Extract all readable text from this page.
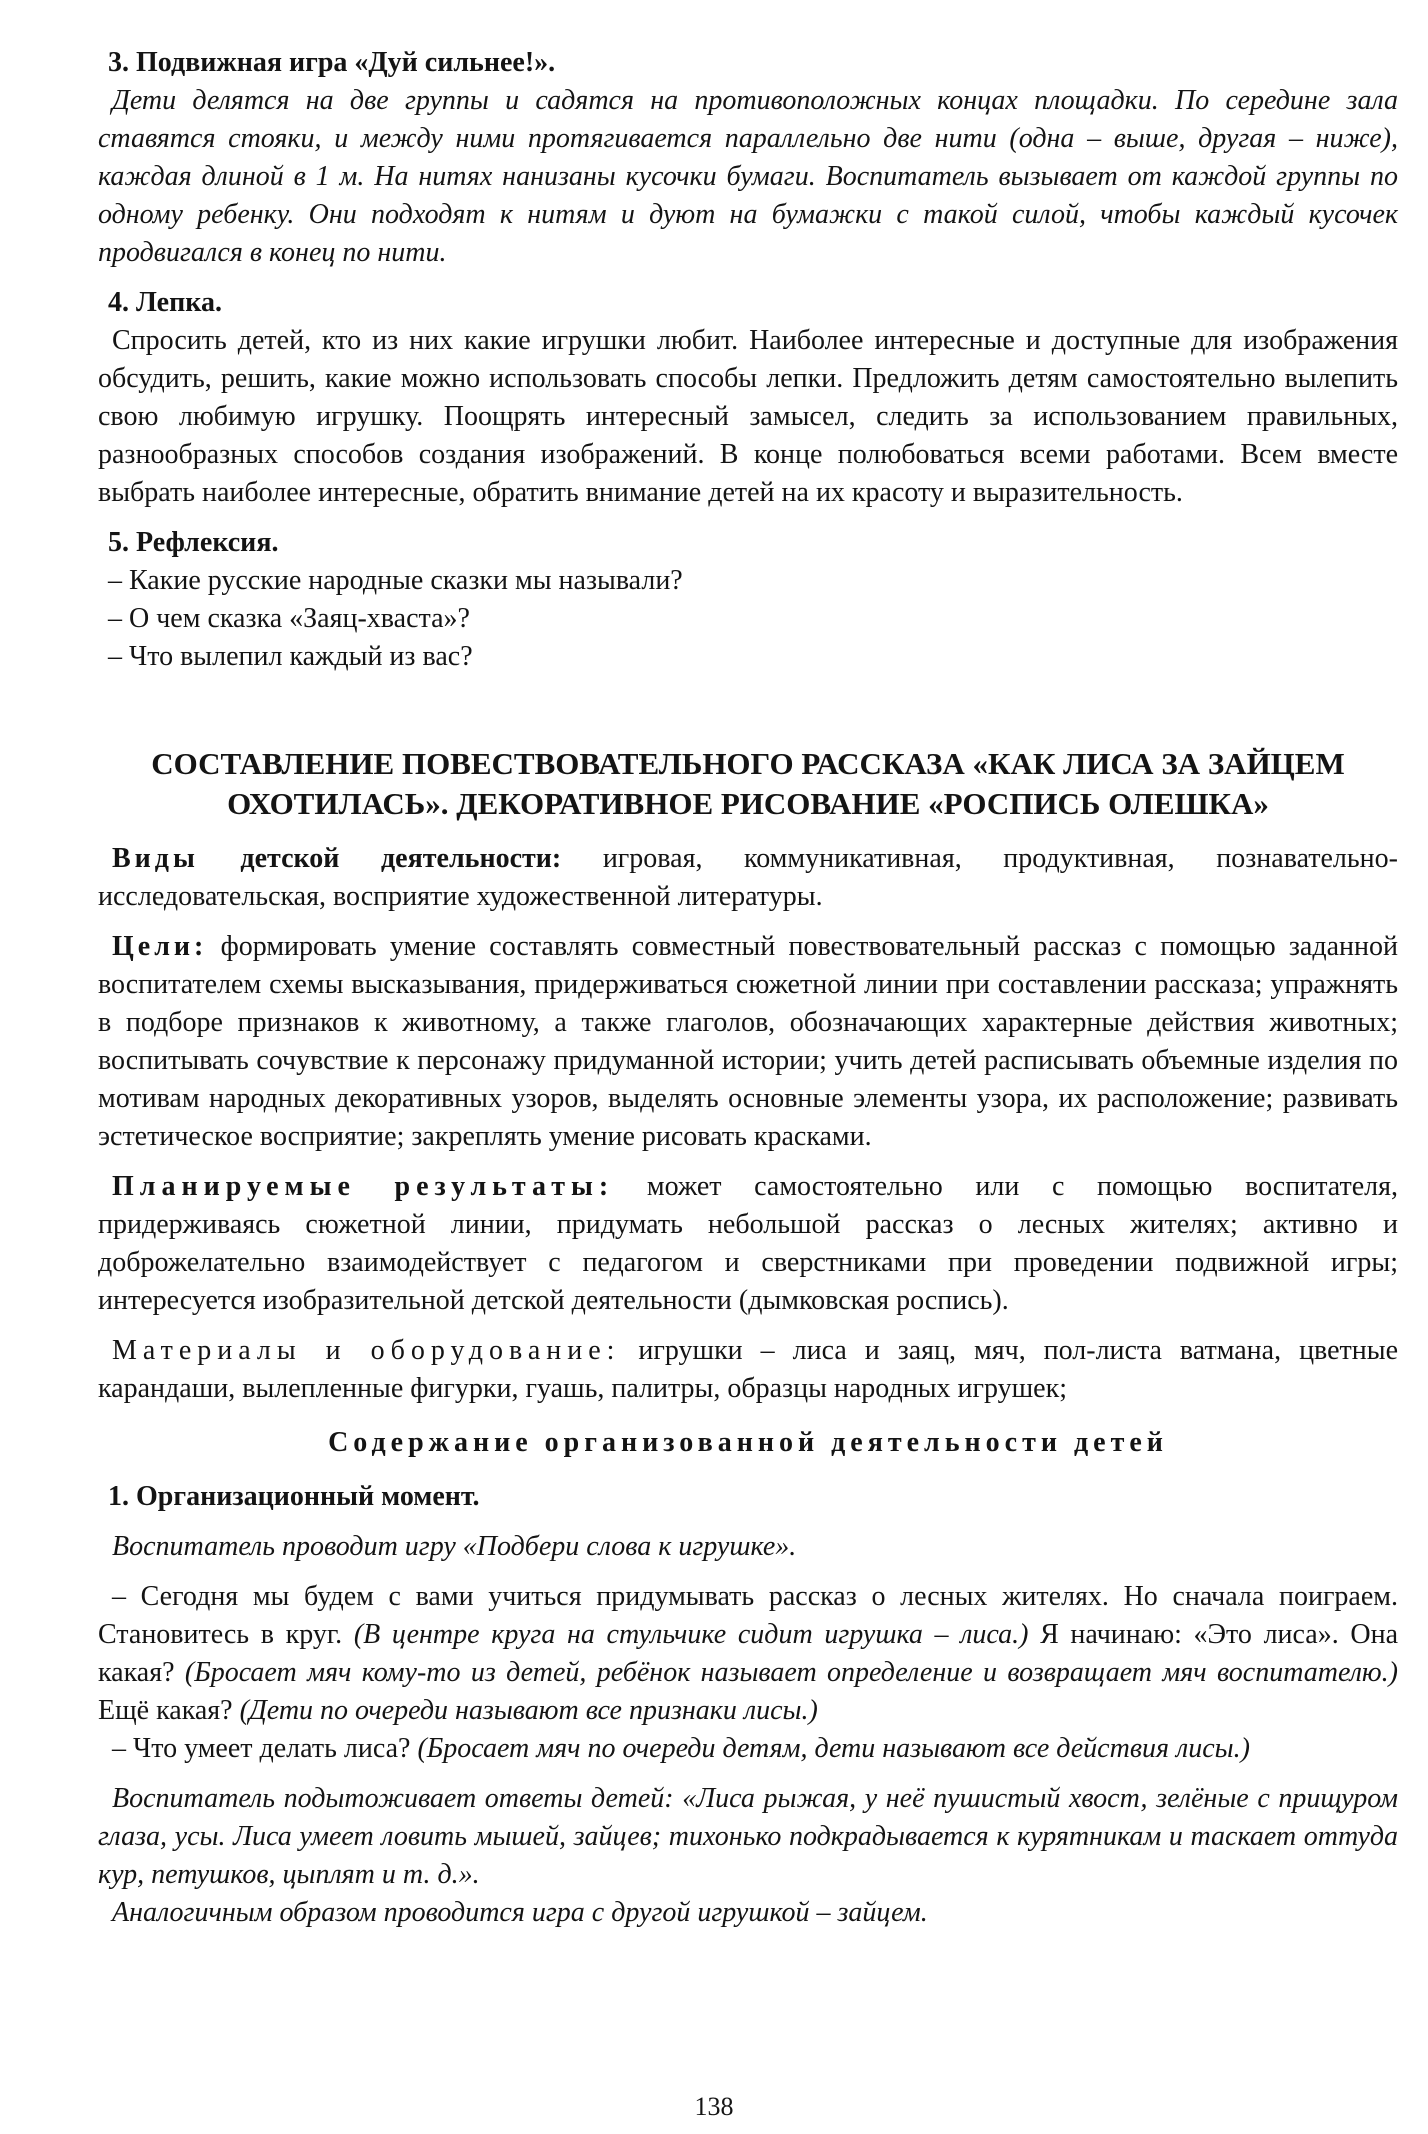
3. Подвижная игра «Дуй сильнее!».

Дети делятся на две группы и садятся на противоположных концах площадки. По середине зала ставятся стояки, и между ними протягивается параллельно две нити (одна – выше, другая – ниже), каждая длиной в 1 м. На нитях нанизаны кусочки бумаги. Воспитатель вызывает от каждой группы по одному ребенку. Они подходят к нитям и дуют на бумажки с такой силой, чтобы каждый кусочек продвигался в конец по нити.

4. Лепка.

Спросить детей, кто из них какие игрушки любит. Наиболее интересные и доступные для изображения обсудить, решить, какие можно использовать способы лепки. Предложить детям самостоятельно вылепить свою любимую игрушку. Поощрять интересный замысел, следить за использованием правильных, разнообразных способов создания изображений. В конце полюбоваться всеми работами. Всем вместе выбрать наиболее интересные, обратить внимание детей на их красоту и выразительность.

5. Рефлексия.

– Какие русские народные сказки мы называли?

– О чем сказка «Заяц-хваста»?

– Что вылепил каждый из вас?

СОСТАВЛЕНИЕ ПОВЕСТВОВАТЕЛЬНОГО РАССКАЗА «КАК ЛИСА ЗА ЗАЙЦЕМ

ОХОТИЛАСЬ». ДЕКОРАТИВНОЕ РИСОВАНИЕ «РОСПИСЬ ОЛЕШКА»

Виды детской деятельности: игровая, коммуникативная, продуктивная, познавательно-исследовательская, восприятие художественной литературы.

Цели: формировать умение составлять совместный повествовательный рассказ с помощью заданной воспитателем схемы высказывания, придерживаться сюжетной линии при составлении рассказа; упражнять в подборе признаков к животному, а также глаголов, обозначающих характерные действия животных; воспитывать сочувствие к персонажу придуманной истории; учить детей расписывать объемные изделия по мотивам народных декоративных узоров, выделять основные элементы узора, их расположение; развивать эстетическое восприятие; закреплять умение рисовать красками.

Планируемые результаты: может самостоятельно или с помощью воспитателя, придерживаясь сюжетной линии, придумать небольшой рассказ о лесных жителях; активно и доброжелательно взаимодействует с педагогом и сверстниками при проведении подвижной игры; интересуется изобразительной детской деятельности (дымковская роспись).

Материалы и оборудование: игрушки – лиса и заяц, мяч, пол-листа ватмана, цветные карандаши, вылепленные фигурки, гуашь, палитры, образцы народных игрушек;

Содержание организованной деятельности детей

1. Организационный момент.

Воспитатель проводит игру «Подбери слова к игрушке».

– Сегодня мы будем с вами учиться придумывать рассказ о лесных жителях. Но сначала поиграем. Становитесь в круг. (В центре круга на стульчике сидит игрушка – лиса.) Я начинаю: «Это лиса». Она какая? (Бросает мяч кому-то из детей, ребёнок называет определение и возвращает мяч воспитателю.) Ещё какая? (Дети по очереди называют все признаки лисы.)

– Что умеет делать лиса? (Бросает мяч по очереди детям, дети называют все действия лисы.)

Воспитатель подытоживает ответы детей: «Лиса рыжая, у неё пушистый хвост, зелёные с прищуром глаза, усы. Лиса умеет ловить мышей, зайцев; тихонько подкрадывается к курятникам и таскает оттуда кур, петушков, цыплят и т. д.».

Аналогичным образом проводится игра с другой игрушкой – зайцем.

138
